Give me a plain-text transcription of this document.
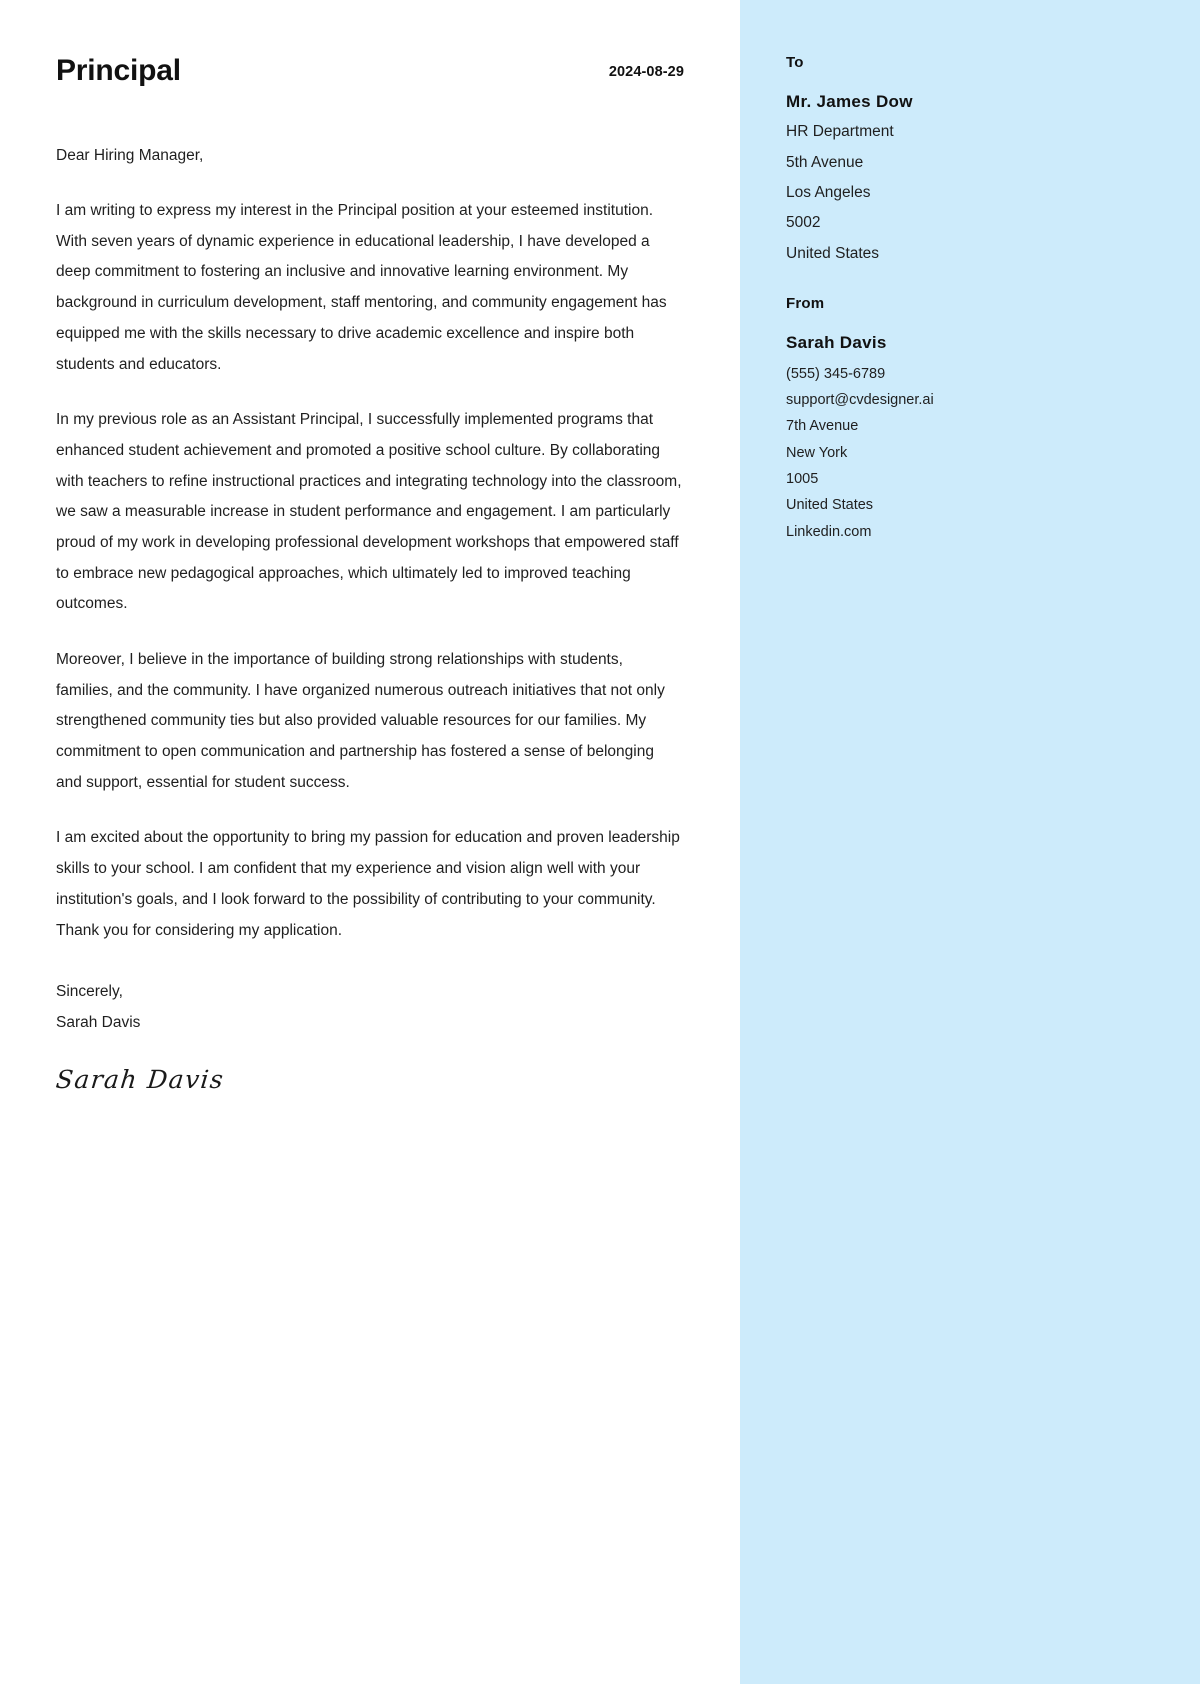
Principal	2024-08-29
Dear Hiring Manager,
I am writing to express my interest in the Principal position at your esteemed institution. With seven years of dynamic experience in educational leadership, I have developed a deep commitment to fostering an inclusive and innovative learning environment. My background in curriculum development, staff mentoring, and community engagement has equipped me with the skills necessary to drive academic excellence and inspire both students and educators.
In my previous role as an Assistant Principal, I successfully implemented programs that enhanced student achievement and promoted a positive school culture. By collaborating with teachers to refine instructional practices and integrating technology into the classroom, we saw a measurable increase in student performance and engagement. I am particularly proud of my work in developing professional development workshops that empowered staff to embrace new pedagogical approaches, which ultimately led to improved teaching outcomes.
Moreover, I believe in the importance of building strong relationships with students, families, and the community. I have organized numerous outreach initiatives that not only strengthened community ties but also provided valuable resources for our families. My commitment to open communication and partnership has fostered a sense of belonging and support, essential for student success.
I am excited about the opportunity to bring my passion for education and proven leadership skills to your school. I am confident that my experience and vision align well with your institution's goals, and I look forward to the possibility of contributing to your community. Thank you for considering my application.
Sincerely,
Sarah Davis
Sarah Davis
To
Mr. James Dow
HR Department
5th Avenue
Los Angeles
5002
United States
From
Sarah Davis
(555) 345-6789
support@cvdesigner.ai
7th Avenue
New York
1005
United States
Linkedin.com
